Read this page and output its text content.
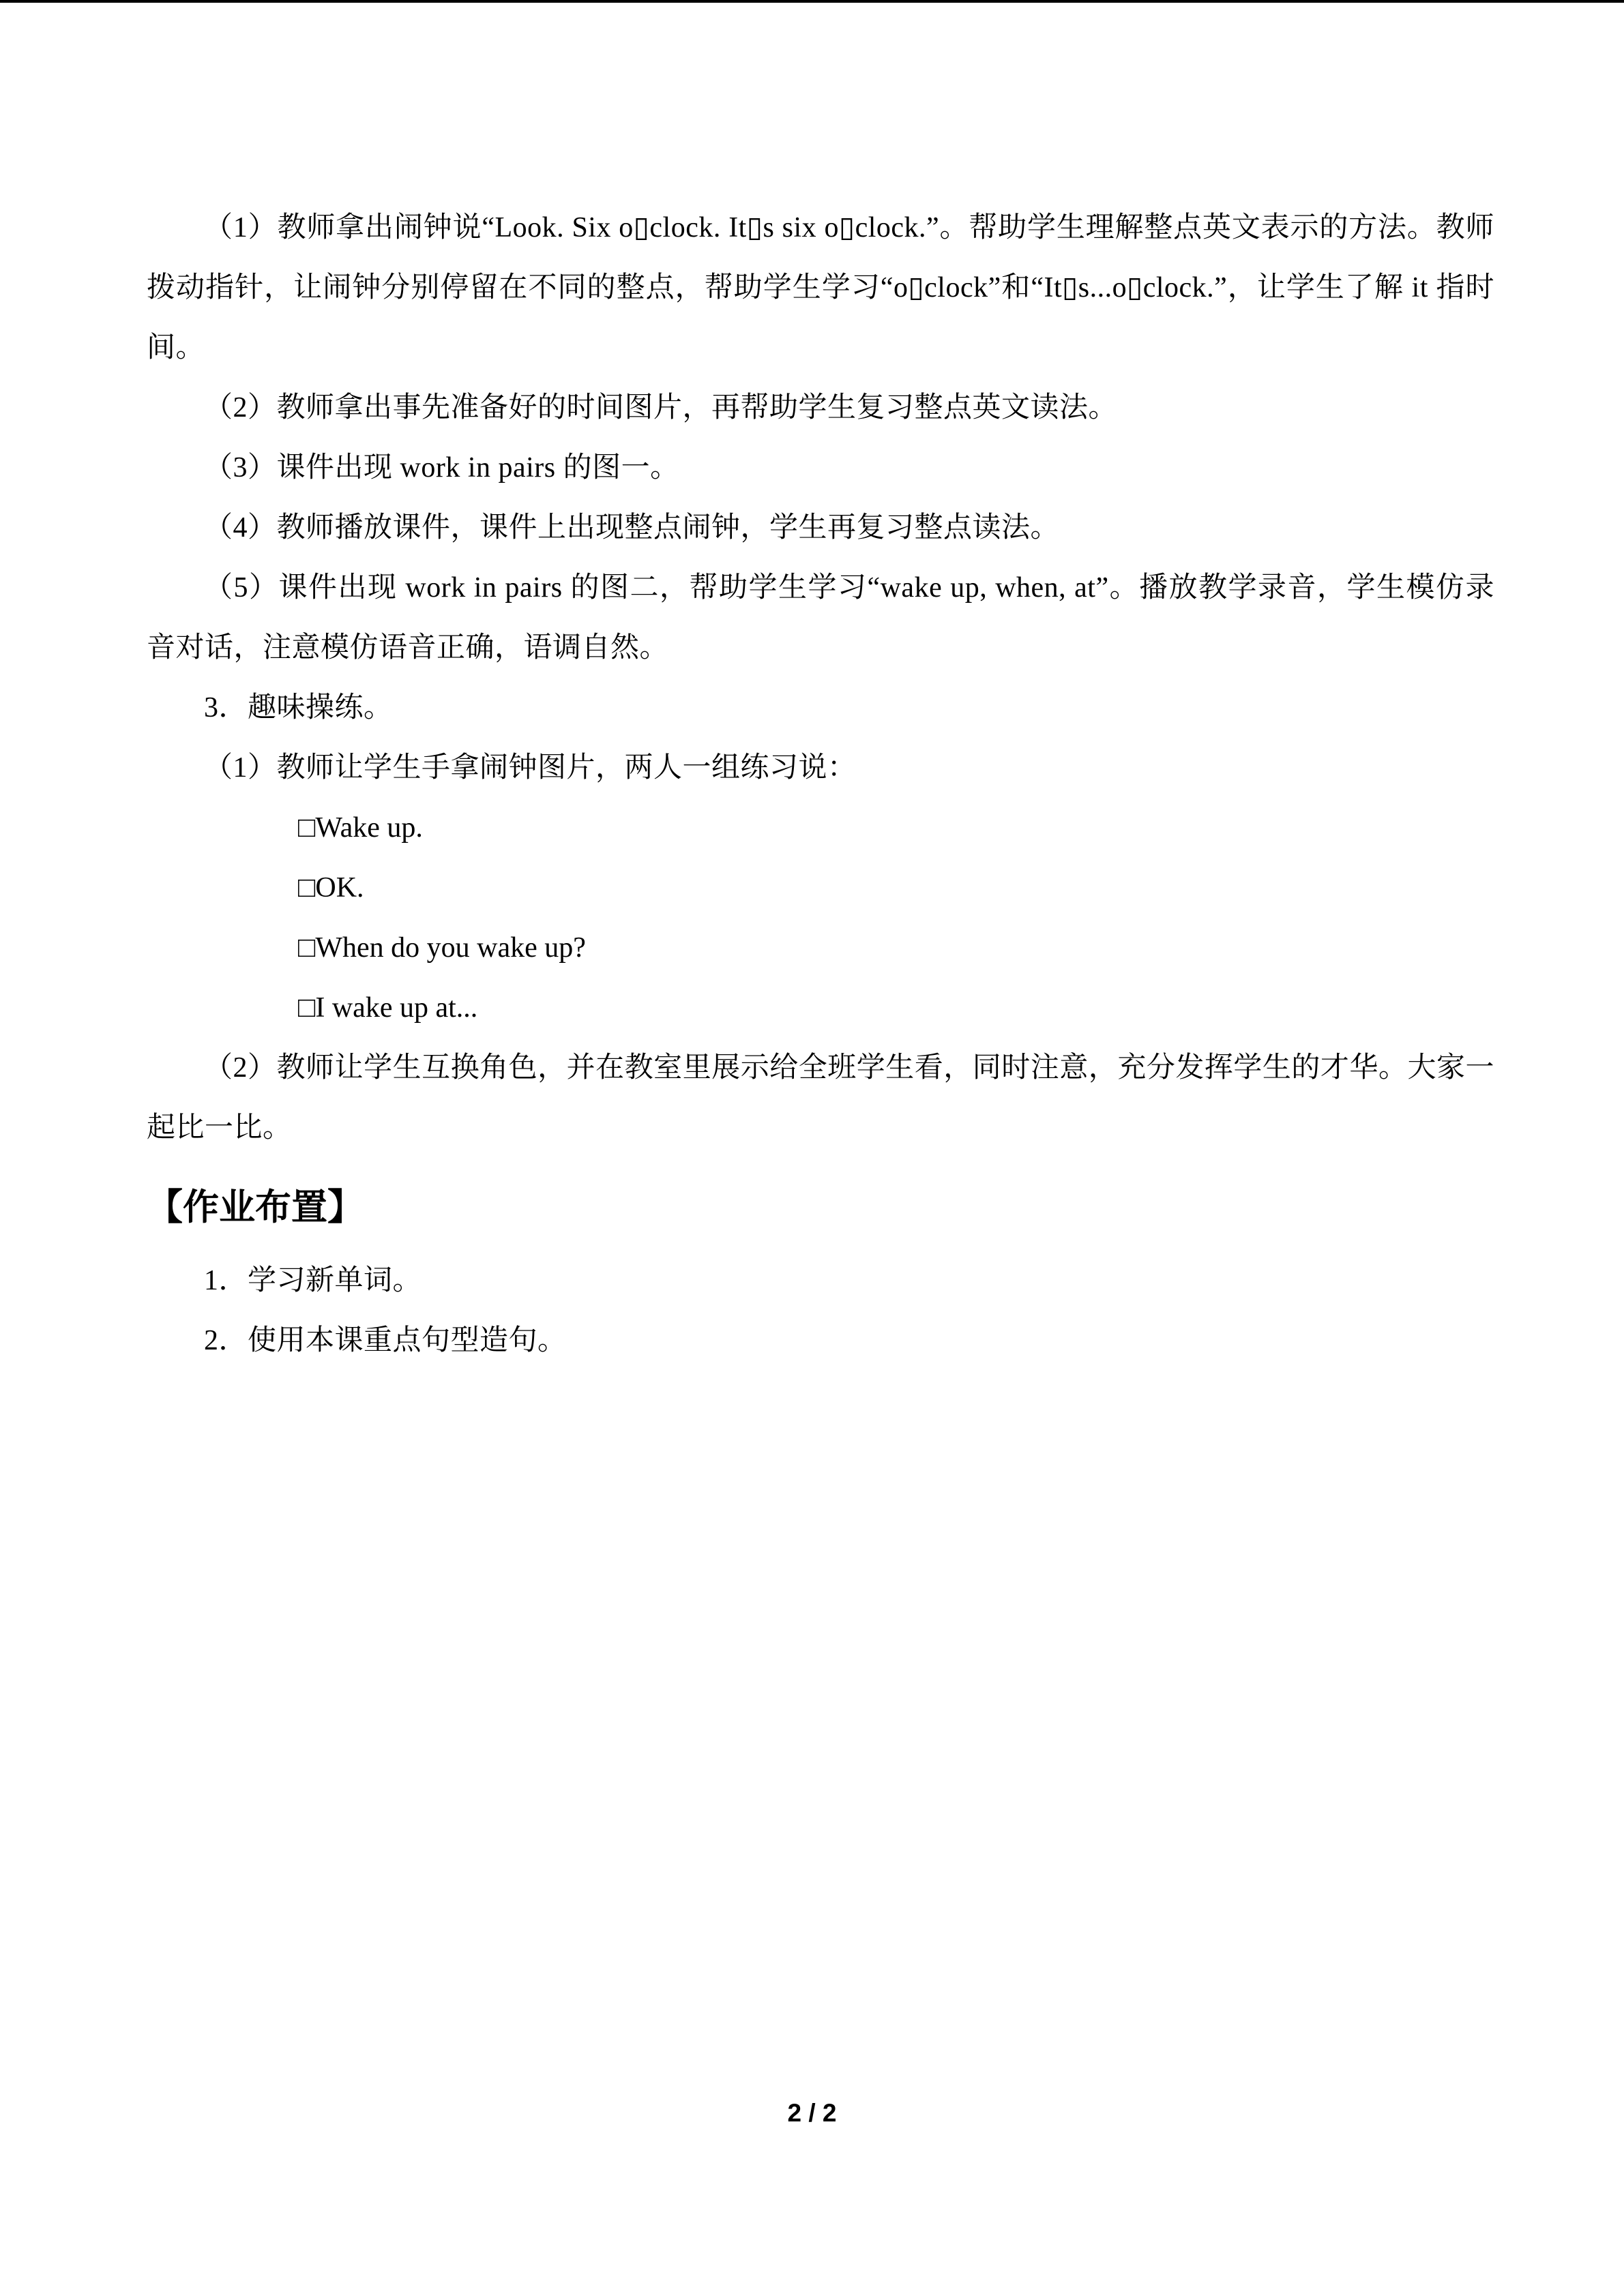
（1）教师拿出闹钟说“Look. Six o▯clock. It▯s six o▯clock.”。帮助学生理解整点英文表示的方法。教师拨动指针，让闹钟分别停留在不同的整点，帮助学生学习“o▯clock”和“It▯s...o▯clock.”，让学生了解 it 指时间。

（2）教师拿出事先准备好的时间图片，再帮助学生复习整点英文读法。

（3）课件出现 work in pairs 的图一。

（4）教师播放课件，课件上出现整点闹钟，学生再复习整点读法。

（5）课件出现 work in pairs 的图二，帮助学生学习“wake up, when, at”。播放教学录音，学生模仿录音对话，注意模仿语音正确，语调自然。

3．趣味操练。

（1）教师让学生手拿闹钟图片，两人一组练习说：

□Wake up.

□OK.

□When do you wake up?

□I wake up at...

（2）教师让学生互换角色，并在教室里展示给全班学生看，同时注意，充分发挥学生的才华。大家一起比一比。

【作业布置】

1．学习新单词。

2．使用本课重点句型造句。

2 / 2
